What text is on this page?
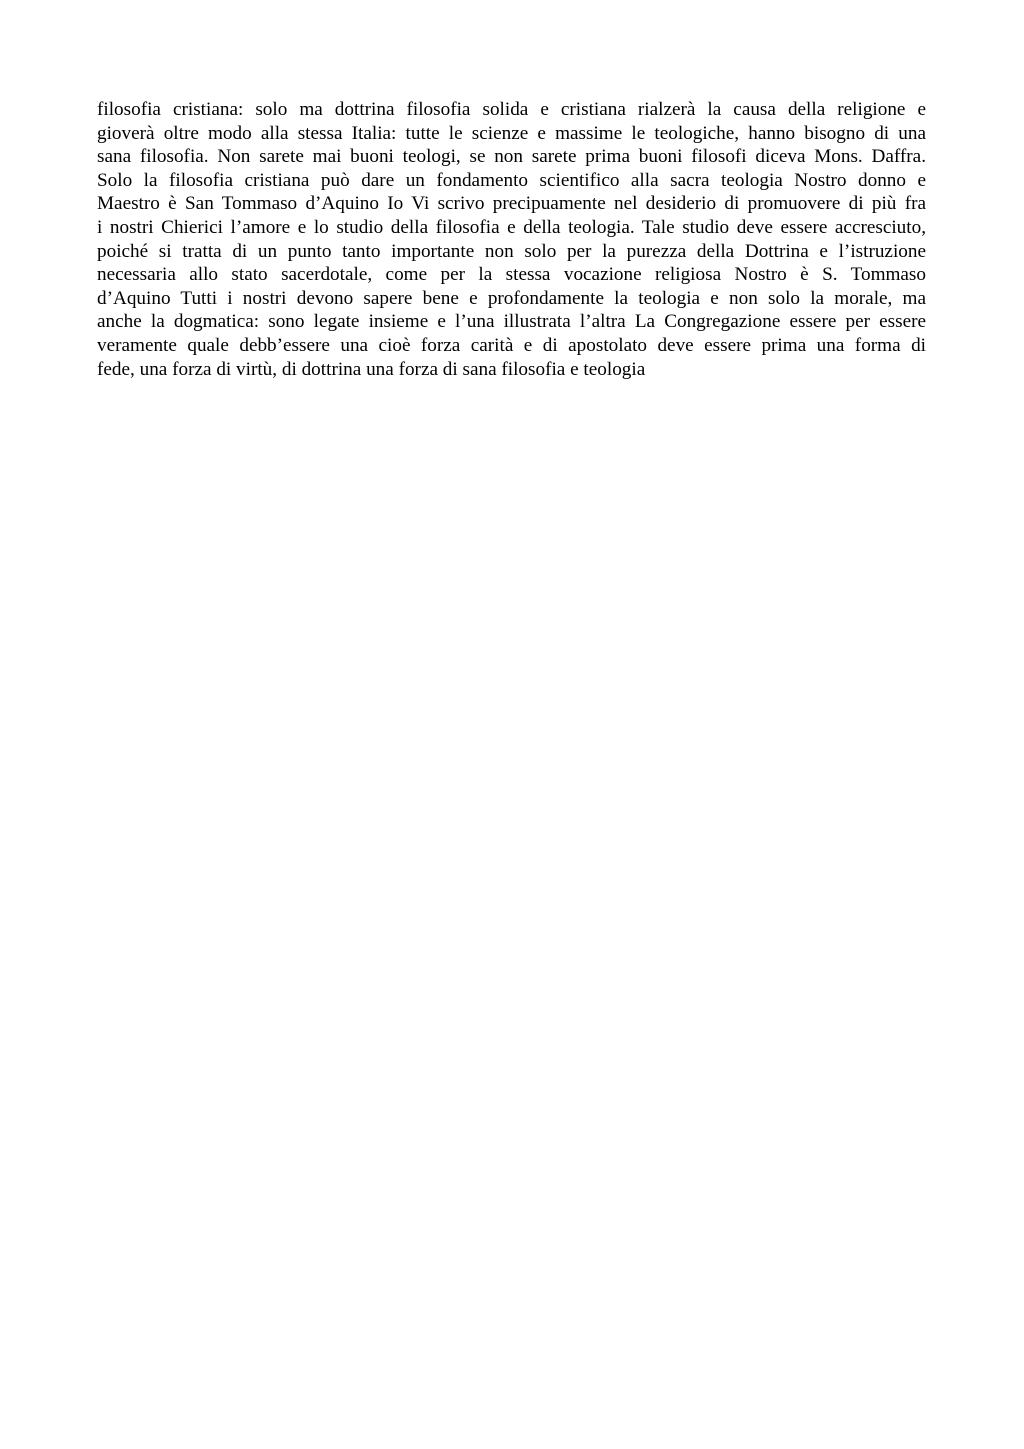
filosofia cristiana: solo ma dottrina filosofia solida e cristiana rialzerà la causa della religione e
gioverà oltre modo alla stessa Italia: tutte le scienze e massime le teologiche, hanno bisogno di una
sana filosofia. Non sarete mai buoni teologi, se non sarete prima buoni filosofi diceva Mons. Daffra.
Solo la filosofia cristiana può dare un fondamento scientifico alla sacra teologia Nostro donno e
Maestro è San Tommaso d’Aquino Io Vi scrivo precipuamente nel desiderio di promuovere di più fra
i nostri Chierici l’amore e lo studio della filosofia e della teologia. Tale studio deve essere accresciuto,
poiché si tratta di un punto tanto importante non solo per la purezza della Dottrina e l’istruzione
necessaria allo stato sacerdotale, come per la stessa vocazione religiosa Nostro è S. Tommaso
d’Aquino Tutti i nostri devono sapere bene e profondamente la teologia e non solo la morale, ma
anche la dogmatica: sono legate insieme e l’una illustrata l’altra La Congregazione essere per essere
veramente quale debb’essere una cioè forza carità e di apostolato deve essere prima una forma di
fede, una forza di virtù, di dottrina una forza di sana filosofia e teologia
